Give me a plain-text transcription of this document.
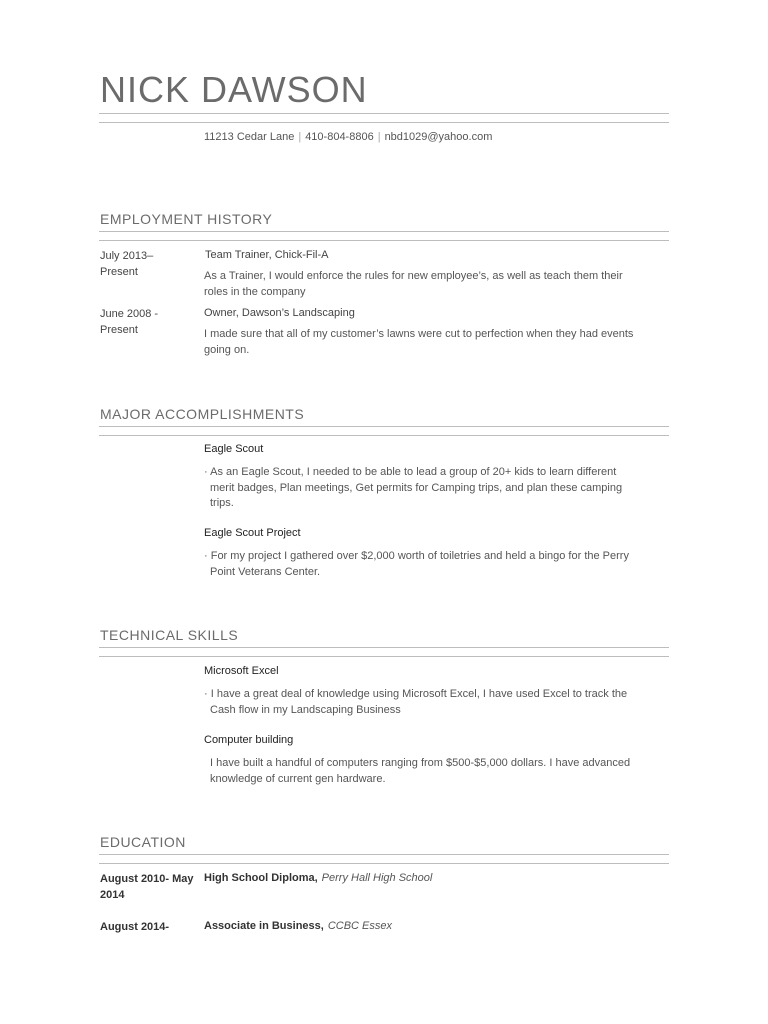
NICK DAWSON
11213 Cedar Lane | 410-804-8806 | nbd1029@yahoo.com
EMPLOYMENT HISTORY
July 2013–
Present
Team Trainer, Chick-Fil-A
As a Trainer, I would enforce the rules for new employee’s, as well as teach them their roles in the company
June 2008 -
Present
Owner, Dawson’s Landscaping
I made sure that all of my customer’s lawns were cut to perfection when they had events going on.
MAJOR ACCOMPLISHMENTS
Eagle Scout
· As an Eagle Scout, I needed to be able to lead a group of 20+ kids to learn different merit badges, Plan meetings, Get permits for Camping trips, and plan these camping trips.
Eagle Scout Project
· For my project I gathered over $2,000 worth of toiletries and held a bingo for the Perry Point Veterans Center.
TECHNICAL SKILLS
Microsoft Excel
· I have a great deal of knowledge using Microsoft Excel, I have used Excel to track the Cash flow in my Landscaping Business
Computer building
I have built a handful of computers ranging from $500-$5,000 dollars. I have advanced knowledge of current gen hardware.
EDUCATION
August 2010- May
2014
High School Diploma, Perry Hall High School
August 2014-	Associate in Business, CCBC Essex
